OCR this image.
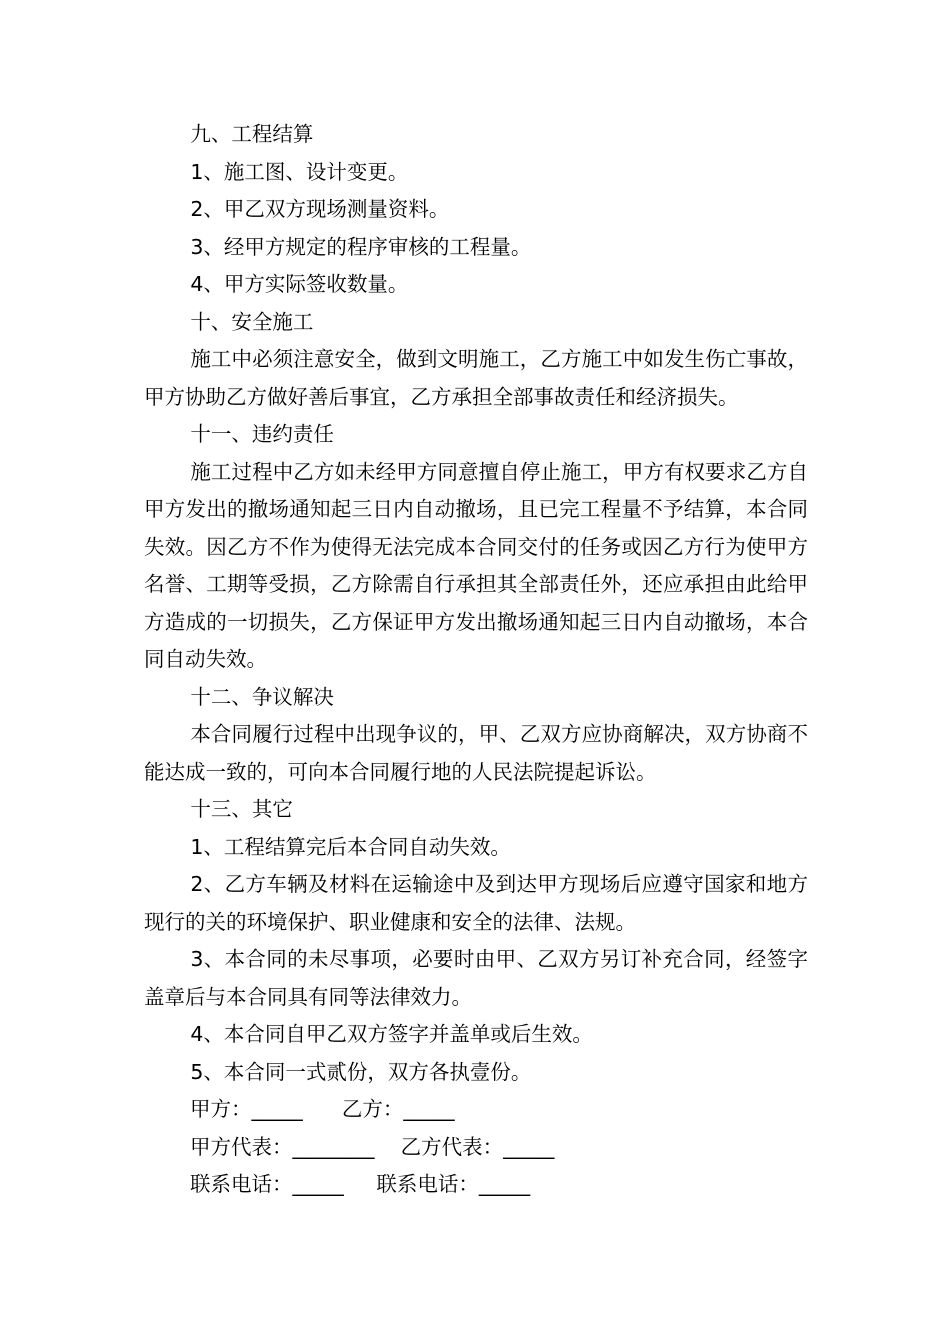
九、工程结算

1、施工图、设计变更。

2、甲乙双方现场测量资料。

3、经甲方规定的程序审核的工程量。

4、甲方实际签收数量。

十、安全施工

施工中必须注意安全，做到文明施工，乙方施工中如发生伤亡事故，甲方协助乙方做好善后事宜，乙方承担全部事故责任和经济损失。

十一、违约责任

施工过程中乙方如未经甲方同意擅自停止施工，甲方有权要求乙方自甲方发出的撤场通知起三日内自动撤场，且已完工程量不予结算，本合同失效。因乙方不作为使得无法完成本合同交付的任务或因乙方行为使甲方名誉、工期等受损，乙方除需自行承担其全部责任外，还应承担由此给甲方造成的一切损失，乙方保证甲方发出撤场通知起三日内自动撤场，本合同自动失效。

十二、争议解决

本合同履行过程中出现争议的，甲、乙双方应协商解决，双方协商不能达成一致的，可向本合同履行地的人民法院提起诉讼。

十三、其它

1、工程结算完后本合同自动失效。

2、乙方车辆及材料在运输途中及到达甲方现场后应遵守国家和地方现行的关的环境保护、职业健康和安全的法律、法规。

3、本合同的未尽事项，必要时由甲、乙双方另订补充合同，经签字盖章后与本合同具有同等法律效力。

4、本合同自甲乙双方签字并盖单或后生效。

5、本合同一式贰份，双方各执壹份。

甲方：_____      乙方：_____

甲方代表：________    乙方代表：_____

联系电话：_____     联系电话：_____
